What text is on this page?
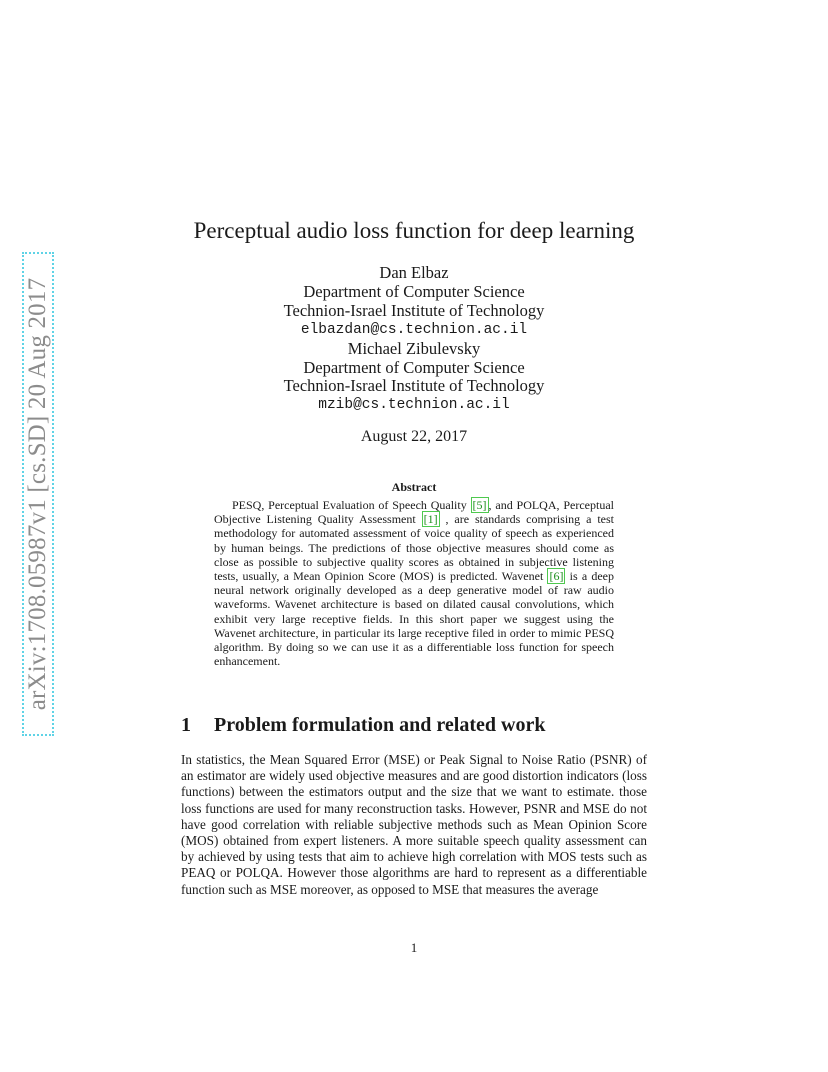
arXiv:1708.05987v1 [cs.SD] 20 Aug 2017
Perceptual audio loss function for deep learning
Dan Elbaz
Department of Computer Science
Technion-Israel Institute of Technology
elbazdan@cs.technion.ac.il
Michael Zibulevsky
Department of Computer Science
Technion-Israel Institute of Technology
mzib@cs.technion.ac.il
August 22, 2017
Abstract
PESQ, Perceptual Evaluation of Speech Quality [5] , and POLQA, Perceptual Objective Listening Quality Assessment [1] , are standards comprising a test methodology for automated assessment of voice quality of speech as experienced by human beings. The predictions of those objective measures should come as close as possible to subjective quality scores as obtained in subjective listening tests, usually, a Mean Opinion Score (MOS) is predicted. Wavenet [6] is a deep neural network originally developed as a deep generative model of raw audio waveforms. Wavenet architecture is based on dilated causal convolutions, which exhibit very large receptive fields. In this short paper we suggest using the Wavenet architecture, in particular its large receptive filed in order to mimic PESQ algorithm. By doing so we can use it as a differentiable loss function for speech enhancement.
1 Problem formulation and related work
In statistics, the Mean Squared Error (MSE) or Peak Signal to Noise Ratio (PSNR) of an estimator are widely used objective measures and are good distortion indicators (loss functions) between the estimators output and the size that we want to estimate. those loss functions are used for many reconstruction tasks. However, PSNR and MSE do not have good correlation with reliable subjective methods such as Mean Opinion Score (MOS) obtained from expert listeners. A more suitable speech quality assessment can by achieved by using tests that aim to achieve high correlation with MOS tests such as PEAQ or POLQA. However those algorithms are hard to represent as a differentiable function such as MSE moreover, as opposed to MSE that measures the average
1
